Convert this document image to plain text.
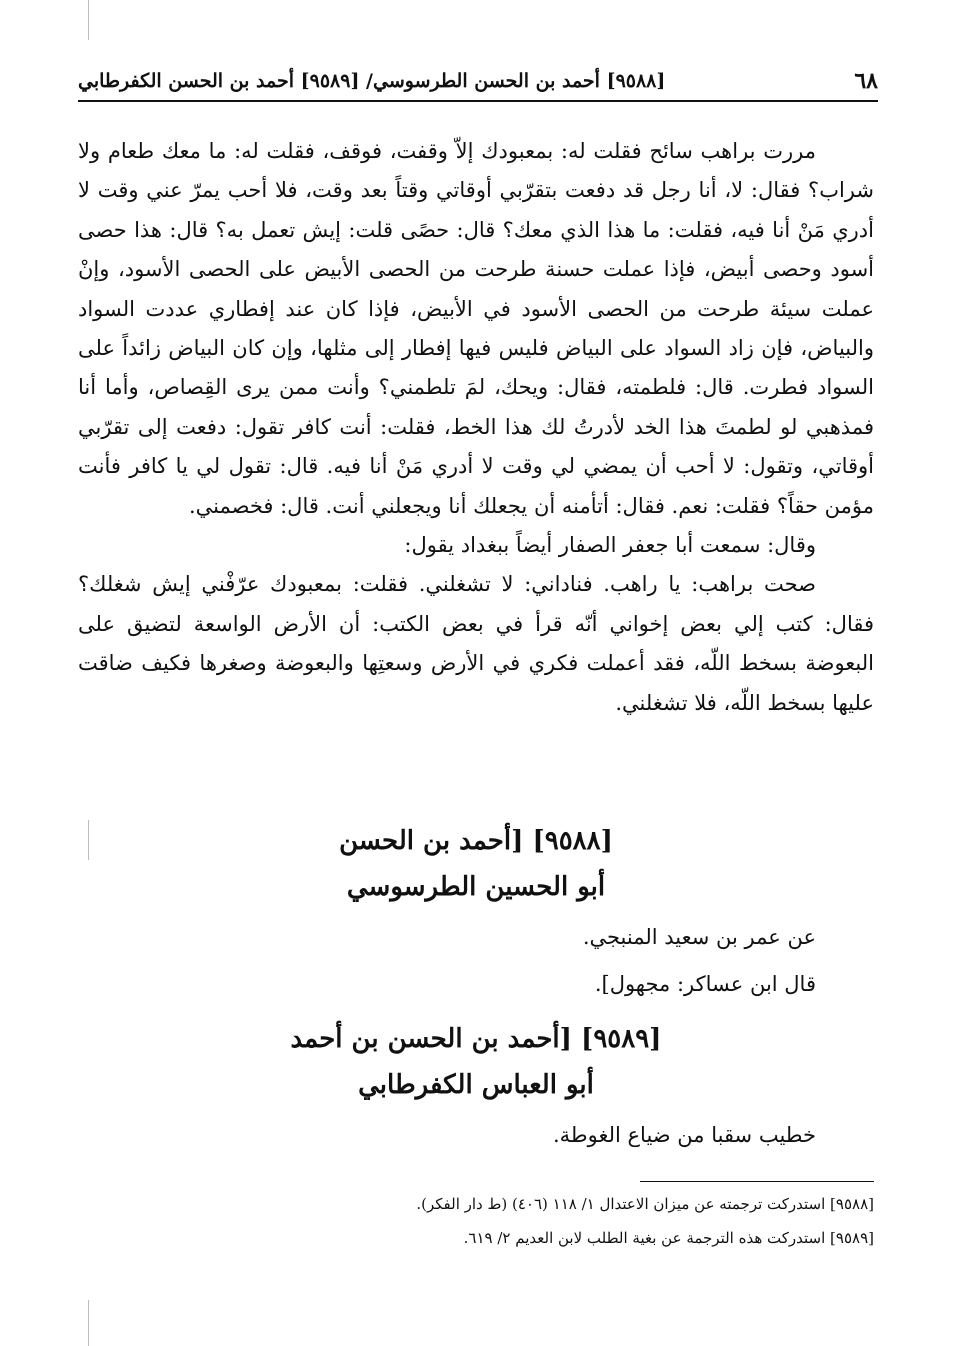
٦٨
[٩٥٨٨] أحمد بن الحسن الطرسوسي/ [٩٥٨٩] أحمد بن الحسن الكفرطابي

مررت براهب سائح فقلت له: بمعبودك إلاّ وقفت، فوقف، فقلت له: ما معك طعام ولا شراب؟ فقال: لا، أنا رجل قد دفعت بتقرّبي أوقاتي وقتاً بعد وقت، فلا أحب يمرّ عني وقت لا أدري مَنْ أنا فيه، فقلت: ما هذا الذي معك؟ قال: حصًى قلت: إيش تعمل به؟ قال: هذا حصى أسود وحصى أبيض، فإذا عملت حسنة طرحت من الحصى الأبيض على الحصى الأسود، وإنْ عملت سيئة طرحت من الحصى الأسود في الأبيض، فإذا كان عند إفطاري عددت السواد والبياض، فإن زاد السواد على البياض فليس فيها إفطار إلى مثلها، وإن كان البياض زائداً على السواد فطرت. قال: فلطمته، فقال: ويحك، لمَ تلطمني؟ وأنت ممن يرى القِصاص، وأما أنا فمذهبي لو لطمتَ هذا الخد لأدرتُ لك هذا الخط، فقلت: أنت كافر تقول: دفعت إلى تقرّبي أوقاتي، وتقول: لا أحب أن يمضي لي وقت لا أدري مَنْ أنا فيه. قال: تقول لي يا كافر فأنت مؤمن حقاً؟ فقلت: نعم. فقال: أتأمنه أن يجعلك أنا ويجعلني أنت. قال: فخصمني.

وقال: سمعت أبا جعفر الصفار أيضاً ببغداد يقول:

صحت براهب: يا راهب. فناداني: لا تشغلني. فقلت: بمعبودك عرّفْني إيش شغلك؟ فقال: كتب إلي بعض إخواني أنّه قرأ في بعض الكتب: أن الأرض الواسعة لتضيق على البعوضة بسخط اللّه، فقد أعملت فكري في الأرض وسعتِها والبعوضة وصغرها فكيف ضاقت عليها بسخط اللّه، فلا تشغلني.

[٩٥٨٨] [أحمد بن الحسن
أبو الحسين الطرسوسي
عن عمر بن سعيد المنبجي.
قال ابن عساكر: مجهول].
[٩٥٨٩] [أحمد بن الحسن بن أحمد
أبو العباس الكفرطابي
خطيب سقبا من ضياع الغوطة.
[٩٥٨٨] استدركت ترجمته عن ميزان الاعتدال ١/ ١١٨ (٤٠٦) (ط دار الفكر).
[٩٥٨٩] استدركت هذه الترجمة عن بغية الطلب لابن العديم ٢/ ٦١٩.
